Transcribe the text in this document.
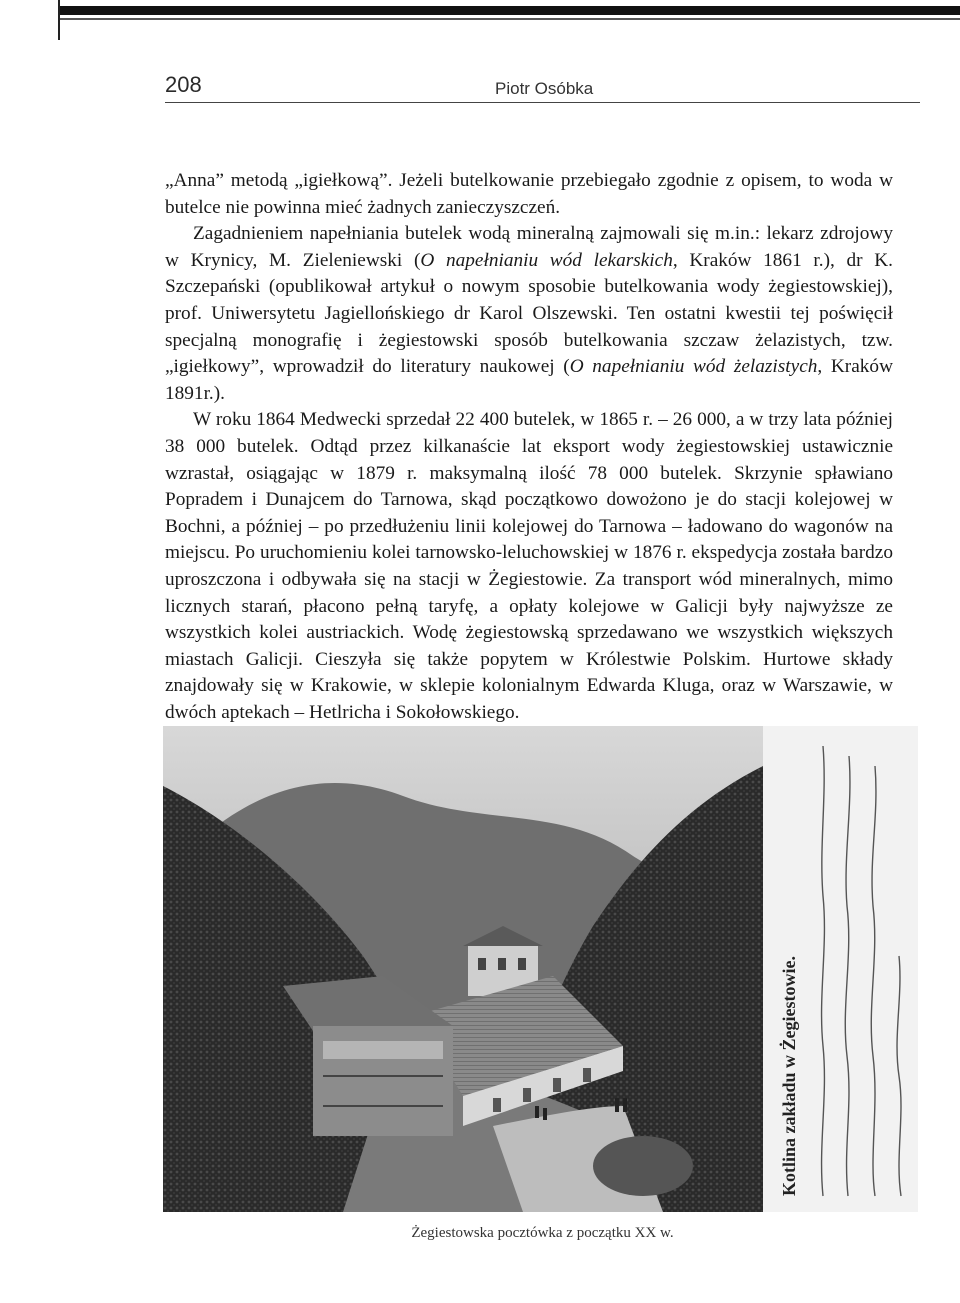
208	Piotr Osóbka

„Anna” metodą „igiełkową”. Jeżeli butelkowanie przebiegało zgodnie z opisem, to woda w butelce nie powinna mieć żadnych zanieczyszczeń.

Zagadnieniem napełniania butelek wodą mineralną zajmowali się m.in.: lekarz zdrojowy w Krynicy, M. Zieleniewski (O napełnianiu wód lekarskich, Kraków 1861 r.), dr K. Szczepański (opublikował artykuł o nowym sposobie butelkowania wody żegiestowskiej), prof. Uniwersytetu Jagiellońskiego dr Karol Olszewski. Ten ostatni kwestii tej poświęcił specjalną monografię i żegiestowski sposób butelkowania szczaw żelazistych, tzw. „igiełkowy”, wprowadził do literatury naukowej (O napełnianiu wód żelazistych, Kraków 1891r.).

W roku 1864 Medwecki sprzedał 22 400 butelek, w 1865 r. – 26 000, a w trzy lata później 38 000 butelek. Odtąd przez kilkanaście lat eksport wody żegiestowskiej ustawicznie wzrastał, osiągając w 1879 r. maksymalną ilość 78 000 butelek. Skrzynie spławiano Popradem i Dunajcem do Tarnowa, skąd początkowo dowożono je do stacji kolejowej w Bochni, a później – po przedłużeniu linii kolejowej do Tarnowa – ładowano do wagonów na miejscu. Po uruchomieniu kolei tarnowsko-leluchowskiej w 1876 r. ekspedycja została bardzo uproszczona i odbywała się na stacji w Żegiestowie. Za transport wód mineralnych, mimo licznych starań, płacono pełną taryfę, a opłaty kolejowe w Galicji były najwyższe ze wszystkich kolei austriackich. Wodę żegiestowską sprzedawano we wszystkich większych miastach Galicji. Cieszyła się także popytem w Królestwie Polskim. Hurtowe składy znajdowały się w Krakowie, w sklepie kolonialnym Edwarda Kluga, oraz w Warszawie, w dwóch aptekach – Hetlricha i Sokołowskiego.

Kotlina zakładu w Żegiestowie.
Żegiestowska pocztówka z początku XX w.
